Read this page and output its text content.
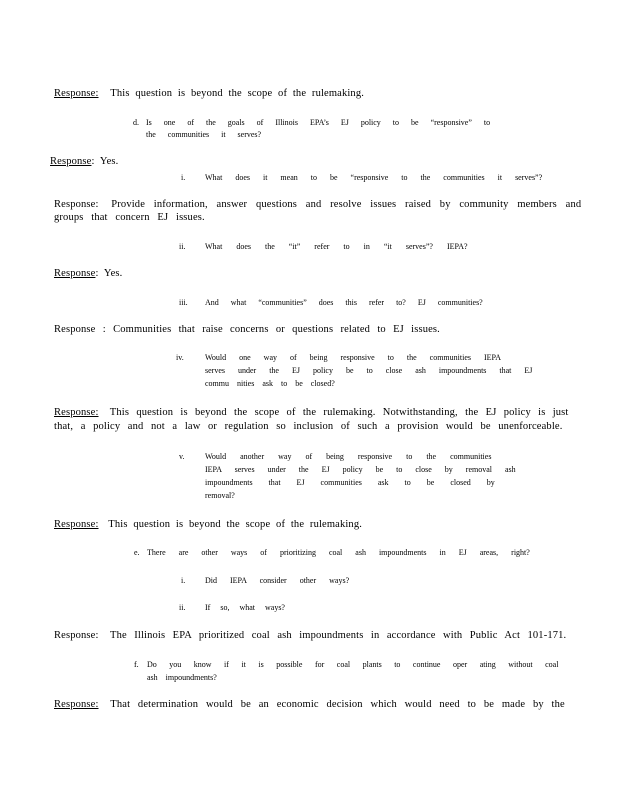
Response: This question is beyond the scope of the rulemaking.
d. Is one of the goals of Illinois EPA’s EJ policy to be “responsive” to
the communities it serves?
Response: Yes.
i. What does it mean to be “responsive to the communities it serves”?
Response: Provide information, answer questions and resolve issues raised by community members and
groups that concern EJ issues.
ii. What does the “it” refer to in “it serves”? IEPA?
Response: Yes.
iii. And what “communities” does this refer to? EJ communities?
Response : Communities that raise concerns or questions related to EJ issues.
iv.	Would one way of being responsive to the communities IEPA
serves under the EJ policy be to close ash impoundments that EJ
commu nities ask to be closed?
Response: This question is beyond the scope of the rulemaking. Notwithstanding, the EJ policy is just
that, a policy and not a law or regulation so inclusion of such a provision would be unenforceable.
v.	Would another way of being responsive to the communities
IEPA serves under the EJ policy be to close by removal ash
impoundments that EJ communities ask to be closed by
removal?
Response: This question is beyond the scope of the rulemaking.
e. There are other ways of prioritizing coal ash impoundments in EJ areas, right?
i. Did IEPA consider other ways?
ii. If so, what ways?
Response: The Illinois EPA prioritized coal ash impoundments in accordance with Public Act 101-171.
f. Do you know if it is possible for coal plants to continue oper ating without coal
ash impoundments?
Response: That determination would be an economic decision which would need to be made by the
